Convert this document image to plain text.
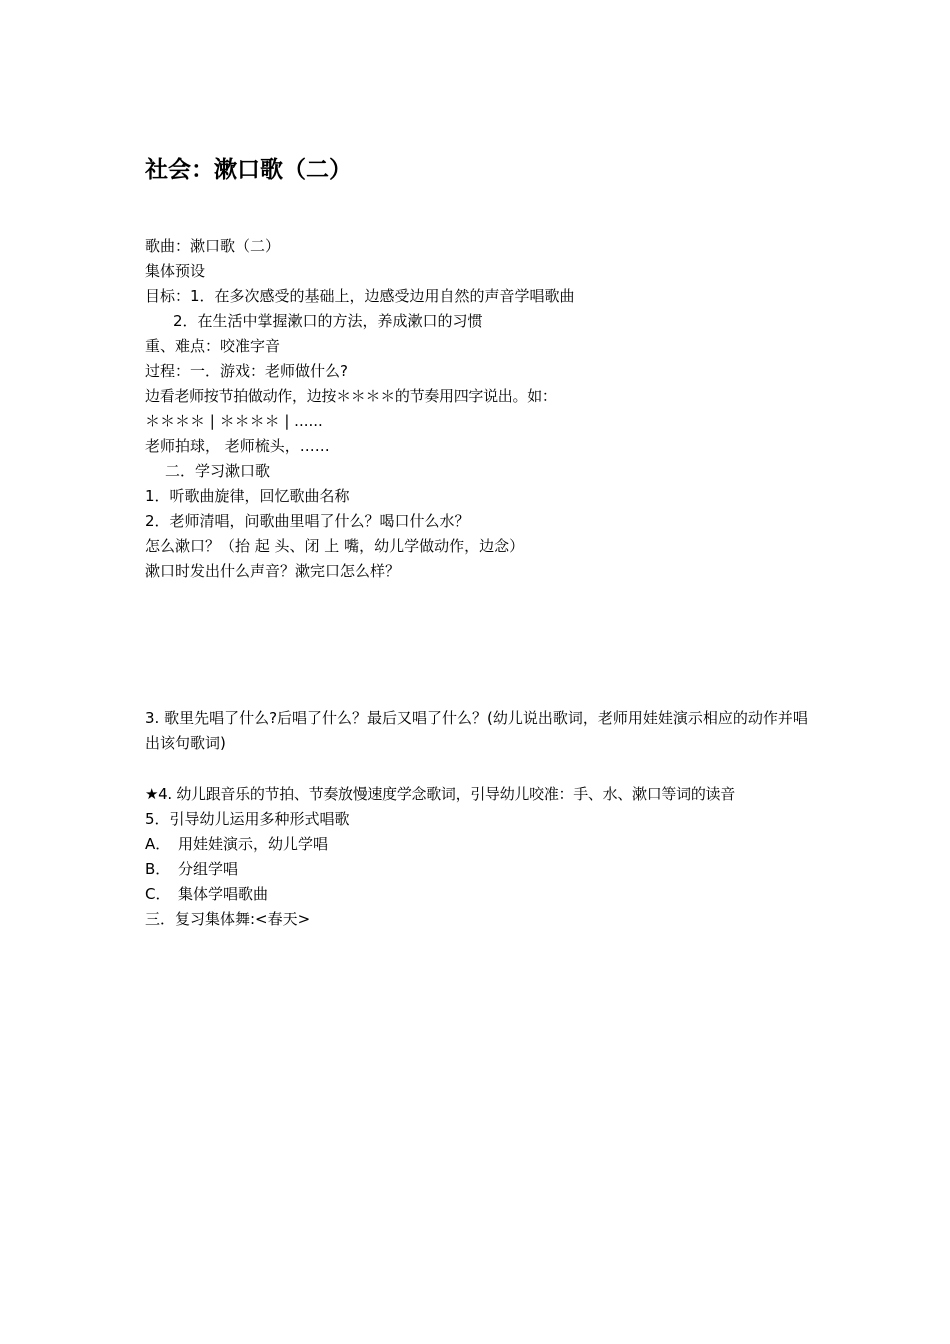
社会：漱口歌（二）
歌曲：漱口歌（二）
集体预设
目标：1．在多次感受的基础上，边感受边用自然的声音学唱歌曲
2．在生活中掌握漱口的方法，养成漱口的习惯
重、难点：咬准字音
过程：一．游戏：老师做什么?
边看老师按节拍做动作，边按＊＊＊＊的节奏用四字说出。如：
＊＊＊＊ | ＊＊＊＊ | ......
老师拍球， 老师梳头，……
二．学习漱口歌
1．听歌曲旋律，回忆歌曲名称
2．老师清唱，问歌曲里唱了什么？喝口什么水？
怎么漱口？（抬 起 头、闭 上 嘴，幼儿学做动作，边念）
漱口时发出什么声音？漱完口怎么样？
3. 歌里先唱了什么?后唱了什么？最后又唱了什么？(幼儿说出歌词，老师用娃娃演示相应的动作并唱出该句歌词)
★4. 幼儿跟音乐的节拍、节奏放慢速度学念歌词，引导幼儿咬准：手、水、漱口等词的读音
5．引导幼儿运用多种形式唱歌
A． 用娃娃演示，幼儿学唱
B． 分组学唱
C． 集体学唱歌曲
三．复习集体舞:<春天>
